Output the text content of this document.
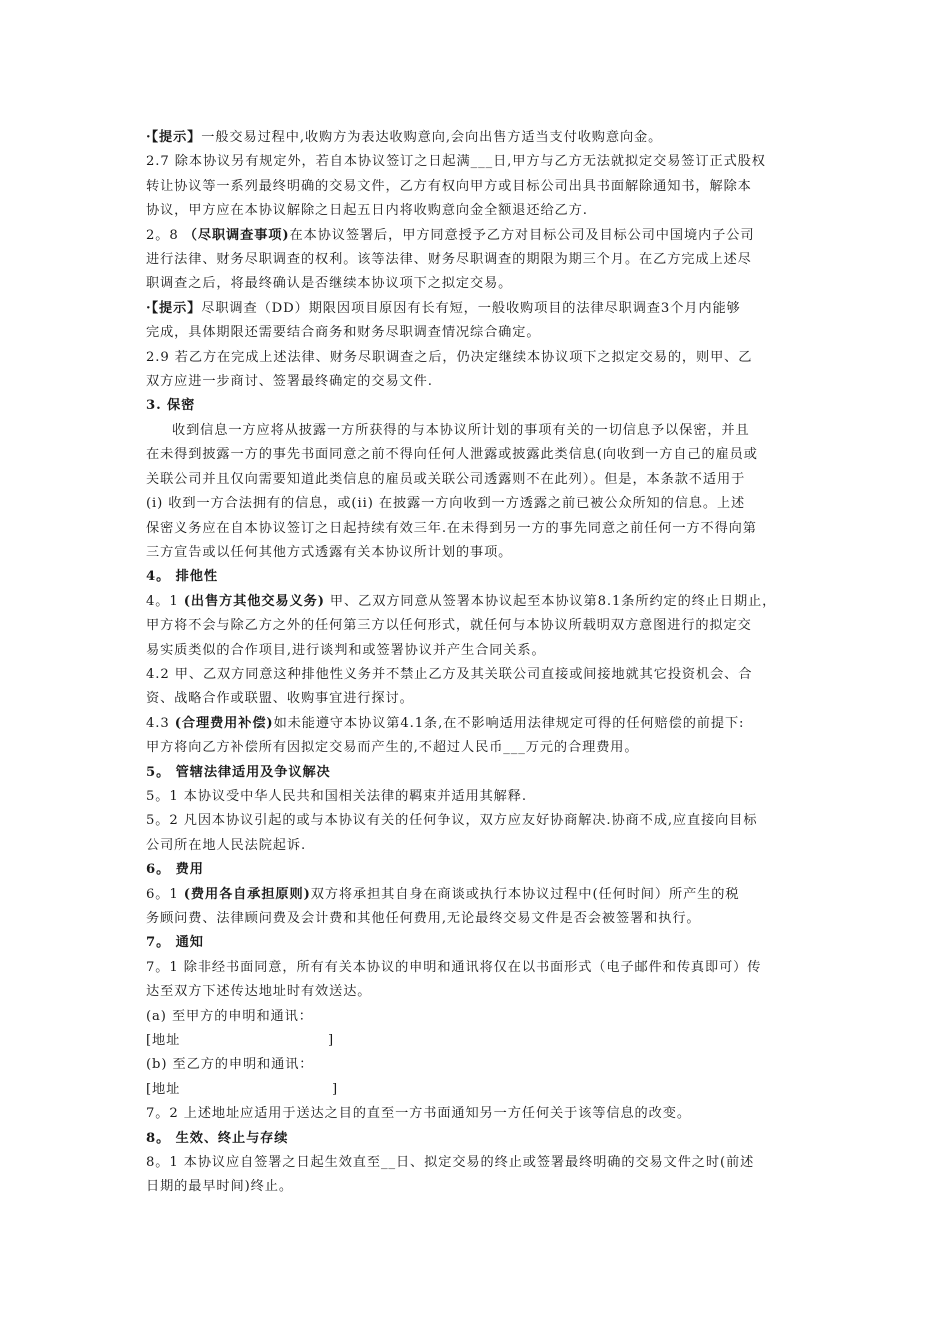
·【提示】一般交易过程中,收购方为表达收购意向,会向出售方适当支付收购意向金。

2.7 除本协议另有规定外，若自本协议签订之日起满___日,甲方与乙方无法就拟定交易签订正式股权

转让协议等一系列最终明确的交易文件，乙方有权向甲方或目标公司出具书面解除通知书，解除本

协议，甲方应在本协议解除之日起五日内将收购意向金全额退还给乙方.

2。8 （尽职调查事项)在本协议签署后，甲方同意授予乙方对目标公司及目标公司中国境内子公司

进行法律、财务尽职调查的权利。该等法律、财务尽职调查的期限为期三个月。在乙方完成上述尽

职调查之后，将最终确认是否继续本协议项下之拟定交易。

·【提示】尽职调查（DD）期限因项目原因有长有短，一般收购项目的法律尽职调查3个月内能够

完成，具体期限还需要结合商务和财务尽职调查情况综合确定。

2.9 若乙方在完成上述法律、财务尽职调查之后，仍决定继续本协议项下之拟定交易的，则甲、乙

双方应进一步商讨、签署最终确定的交易文件.

3. 保密

收到信息一方应将从披露一方所获得的与本协议所计划的事项有关的一切信息予以保密，并且

在未得到披露一方的事先书面同意之前不得向任何人泄露或披露此类信息(向收到一方自己的雇员或

关联公司并且仅向需要知道此类信息的雇员或关联公司透露则不在此列）。但是，本条款不适用于

(i) 收到一方合法拥有的信息，或(ii) 在披露一方向收到一方透露之前已被公众所知的信息。上述

保密义务应在自本协议签订之日起持续有效三年.在未得到另一方的事先同意之前任何一方不得向第

三方宣告或以任何其他方式透露有关本协议所计划的事项。

4。 排他性

4。1 (出售方其他交易义务) 甲、乙双方同意从签署本协议起至本协议第8.1条所约定的终止日期止，

甲方将不会与除乙方之外的任何第三方以任何形式，就任何与本协议所载明双方意图进行的拟定交

易实质类似的合作项目,进行谈判和或签署协议并产生合同关系。

4.2 甲、乙双方同意这种排他性义务并不禁止乙方及其关联公司直接或间接地就其它投资机会、合

资、战略合作或联盟、收购事宜进行探讨。

4.3 (合理费用补偿)如未能遵守本协议第4.1条,在不影响适用法律规定可得的任何赔偿的前提下:

甲方将向乙方补偿所有因拟定交易而产生的,不超过人民币___万元的合理费用。

5。 管辖法律适用及争议解决

5。1 本协议受中华人民共和国相关法律的羁束并适用其解释.

5。2 凡因本协议引起的或与本协议有关的任何争议，双方应友好协商解决.协商不成,应直接向目标

公司所在地人民法院起诉.

6。 费用

6。1 (费用各自承担原则)双方将承担其自身在商谈或执行本协议过程中(任何时间）所产生的税

务顾问费、法律顾问费及会计费和其他任何费用,无论最终交易文件是否会被签署和执行。

7。 通知

7。1 除非经书面同意，所有有关本协议的申明和通讯将仅在以书面形式（电子邮件和传真即可）传

达至双方下述传达地址时有效送达。

(a) 至甲方的申明和通讯：

[地址	]

(b) 至乙方的申明和通讯：

[地址	]

7。2 上述地址应适用于送达之目的直至一方书面通知另一方任何关于该等信息的改变。

8。 生效、终止与存续

8。1 本协议应自签署之日起生效直至__日、拟定交易的终止或签署最终明确的交易文件之时(前述

日期的最早时间)终止。
